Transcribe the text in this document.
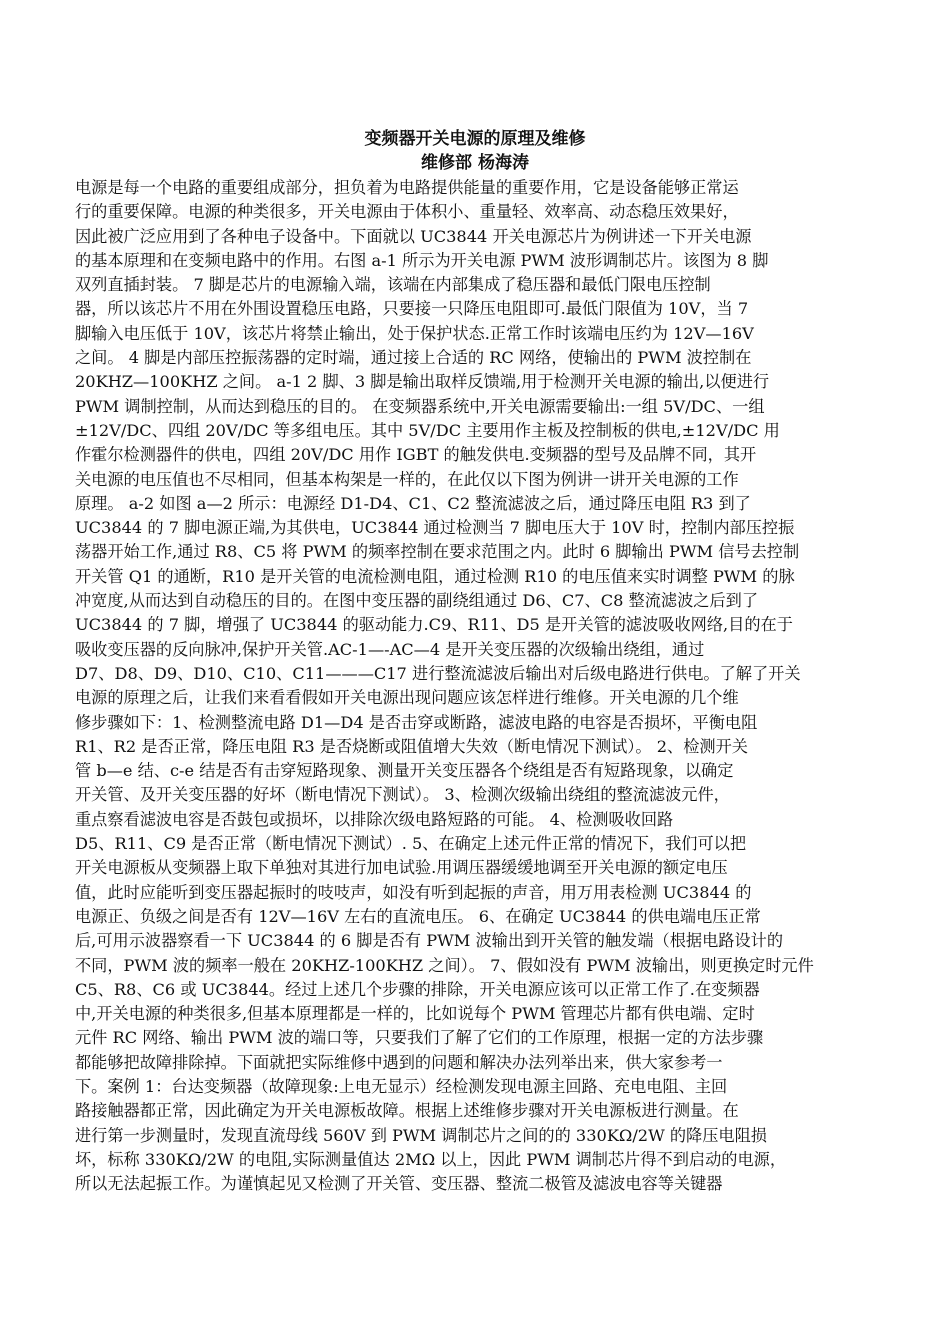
变频器开关电源的原理及维修
维修部 杨海涛
电源是每一个电路的重要组成部分，担负着为电路提供能量的重要作用，它是设备能够正常运
行的重要保障。电源的种类很多，开关电源由于体积小、重量轻、效率高、动态稳压效果好，
因此被广泛应用到了各种电子设备中。下面就以 UC3844 开关电源芯片为例讲述一下开关电源
的基本原理和在变频电路中的作用。右图 a-1 所示为开关电源 PWM 波形调制芯片。该图为 8 脚
双列直插封装。 7 脚是芯片的电源输入端，该端在内部集成了稳压器和最低门限电压控制
器，所以该芯片不用在外围设置稳压电路，只要接一只降压电阻即可.最低门限值为 10V，当 7
脚输入电压低于 10V，该芯片将禁止输出，处于保护状态.正常工作时该端电压约为 12V—16V
之间。 4 脚是内部压控振荡器的定时端，通过接上合适的 RC 网络，使输出的 PWM 波控制在
20KHZ—100KHZ 之间。 a-1 2 脚、3 脚是输出取样反馈端,用于检测开关电源的输出,以便进行
PWM 调制控制，从而达到稳压的目的。 在变频器系统中,开关电源需要输出:一组 5V/DC、一组
±12V/DC、四组 20V/DC 等多组电压。其中 5V/DC 主要用作主板及控制板的供电,±12V/DC 用
作霍尔检测器件的供电，四组 20V/DC 用作 IGBT 的触发供电.变频器的型号及品牌不同，其开
关电源的电压值也不尽相同，但基本构架是一样的，在此仅以下图为例讲一讲开关电源的工作
原理。 a-2 如图 a—2 所示：电源经 D1-D4、C1、C2 整流滤波之后，通过降压电阻 R3 到了
UC3844 的 7 脚电源正端,为其供电，UC3844 通过检测当 7 脚电压大于 10V 时，控制内部压控振
荡器开始工作,通过 R8、C5 将 PWM 的频率控制在要求范围之内。此时 6 脚输出 PWM 信号去控制
开关管 Q1 的通断，R10 是开关管的电流检测电阻，通过检测 R10 的电压值来实时调整 PWM 的脉
冲宽度,从而达到自动稳压的目的。在图中变压器的副绕组通过 D6、C7、C8 整流滤波之后到了
UC3844 的 7 脚，增强了 UC3844 的驱动能力.C9、R11、D5 是开关管的滤波吸收网络,目的在于
吸收变压器的反向脉冲,保护开关管.AC-1—-AC—4 是开关变压器的次级输出绕组，通过
D7、D8、D9、D10、C10、C11———C17 进行整流滤波后输出对后级电路进行供电。了解了开关
电源的原理之后，让我们来看看假如开关电源出现问题应该怎样进行维修。开关电源的几个维
修步骤如下：1、检测整流电路 D1—D4 是否击穿或断路，滤波电路的电容是否损坏，平衡电阻
R1、R2 是否正常，降压电阻 R3 是否烧断或阻值增大失效（断电情况下测试）。 2、检测开关
管 b—e 结、c-e 结是否有击穿短路现象、测量开关变压器各个绕组是否有短路现象，以确定
开关管、及开关变压器的好坏（断电情况下测试）。 3、检测次级输出绕组的整流滤波元件，
重点察看滤波电容是否鼓包或损坏，以排除次级电路短路的可能。 4、检测吸收回路
D5、R11、C9 是否正常（断电情况下测试）. 5、在确定上述元件正常的情况下，我们可以把
开关电源板从变频器上取下单独对其进行加电试验.用调压器缓缓地调至开关电源的额定电压
值，此时应能听到变压器起振时的吱吱声，如没有听到起振的声音，用万用表检测 UC3844 的
电源正、负级之间是否有 12V—16V 左右的直流电压。 6、在确定 UC3844 的供电端电压正常
后,可用示波器察看一下 UC3844 的 6 脚是否有 PWM 波输出到开关管的触发端（根据电路设计的
不同，PWM 波的频率一般在 20KHZ-100KHZ 之间）。 7、假如没有 PWM 波输出，则更换定时元件
C5、R8、C6 或 UC3844。经过上述几个步骤的排除，开关电源应该可以正常工作了.在变频器
中,开关电源的种类很多,但基本原理都是一样的，比如说每个 PWM 管理芯片都有供电端、定时
元件 RC 网络、输出 PWM 波的端口等，只要我们了解了它们的工作原理，根据一定的方法步骤
都能够把故障排除掉。下面就把实际维修中遇到的问题和解决办法列举出来，供大家参考一
下。案例 1：台达变频器（故障现象:上电无显示）经检测发现电源主回路、充电电阻、主回
路接触器都正常，因此确定为开关电源板故障。根据上述维修步骤对开关电源板进行测量。在
进行第一步测量时，发现直流母线 560V 到 PWM 调制芯片之间的的 330KΩ/2W 的降压电阻损
坏，标称 330KΩ/2W 的电阻,实际测量值达 2MΩ 以上，因此 PWM 调制芯片得不到启动的电源，
所以无法起振工作。为谨慎起见又检测了开关管、变压器、整流二极管及滤波电容等关键器
